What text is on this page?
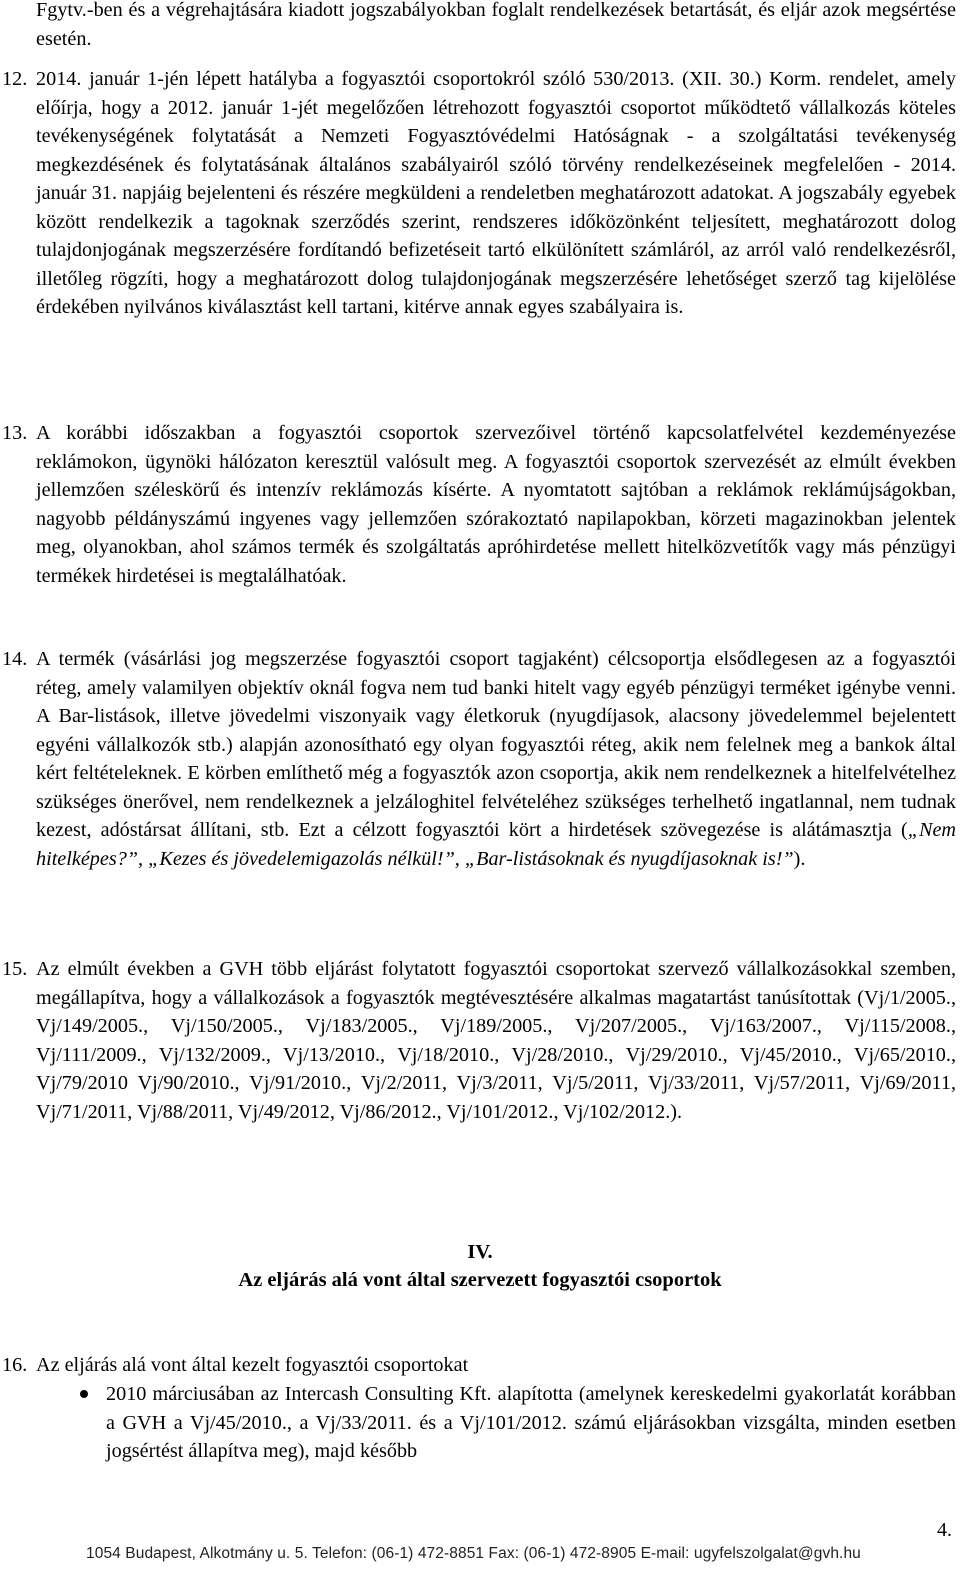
Fgytv.-ben és a végrehajtására kiadott jogszabályokban foglalt rendelkezések betartását, és eljár azok megsértése esetén.

12. 2014. január 1-jén lépett hatályba a fogyasztói csoportokról szóló 530/2013. (XII. 30.) Korm. rendelet, amely előírja, hogy a 2012. január 1-jét megelőzően létrehozott fogyasztói csoportot működtető vállalkozás köteles tevékenységének folytatását a Nemzeti Fogyasztóvédelmi Hatóságnak - a szolgáltatási tevékenység megkezdésének és folytatásának általános szabályairól szóló törvény rendelkezéseinek megfelelően - 2014. január 31. napjáig bejelenteni és részére megküldeni a rendeletben meghatározott adatokat. A jogszabály egyebek között rendelkezik a tagoknak szerződés szerint, rendszeres időközönként teljesített, meghatározott dolog tulajdonjogának megszerzésére fordítandó befizetéseit tartó elkülönített számláról, az arról való rendelkezésről, illetőleg rögzíti, hogy a meghatározott dolog tulajdonjogának megszerzésére lehetőséget szerző tag kijelölése érdekében nyilvános kiválasztást kell tartani, kitérve annak egyes szabályaira is.
13. A korábbi időszakban a fogyasztói csoportok szervezőivel történő kapcsolatfelvétel kezdeményezése reklámokon, ügynöki hálózaton keresztül valósult meg. A fogyasztói csoportok szervezését az elmúlt években jellemzően széleskörű és intenzív reklámozás kísérte. A nyomtatott sajtóban a reklámok reklámújságokban, nagyobb példányszámú ingyenes vagy jellemzően szórakoztató napilapokban, körzeti magazinokban jelentek meg, olyanokban, ahol számos termék és szolgáltatás apróhirdetése mellett hitelközvetítők vagy más pénzügyi termékek hirdetései is megtalálhatóak.
14. A termék (vásárlási jog megszerzése fogyasztói csoport tagjaként) célcsoportja elsődlegesen az a fogyasztói réteg, amely valamilyen objektív oknál fogva nem tud banki hitelt vagy egyéb pénzügyi terméket igénybe venni. A Bar-listások, illetve jövedelmi viszonyaik vagy életkoruk (nyugdíjasok, alacsony jövedelemmel bejelentett egyéni vállalkozók stb.) alapján azonosítható egy olyan fogyasztói réteg, akik nem felelnek meg a bankok által kért feltételeknek. E körben említhető még a fogyasztók azon csoportja, akik nem rendelkeznek a hitelfelvételhez szükséges önerővel, nem rendelkeznek a jelzáloghitel felvételéhez szükséges terhelhető ingatlannal, nem tudnak kezest, adóstársat állítani, stb. Ezt a célzott fogyasztói kört a hirdetések szövegezése is alátámasztja („Nem hitelképes?”, „Kezes és jövedelemigazolás nélkül!”, „Bar-listásoknak és nyugdíjasoknak is!”).
15. Az elmúlt években a GVH több eljárást folytatott fogyasztói csoportokat szervező vállalkozásokkal szemben, megállapítva, hogy a vállalkozások a fogyasztók megtévesztésére alkalmas magatartást tanúsítottak (Vj/1/2005., Vj/149/2005., Vj/150/2005., Vj/183/2005., Vj/189/2005., Vj/207/2005., Vj/163/2007., Vj/115/2008., Vj/111/2009., Vj/132/2009., Vj/13/2010., Vj/18/2010., Vj/28/2010., Vj/29/2010., Vj/45/2010., Vj/65/2010., Vj/79/2010 Vj/90/2010., Vj/91/2010., Vj/2/2011, Vj/3/2011, Vj/5/2011, Vj/33/2011, Vj/57/2011, Vj/69/2011, Vj/71/2011, Vj/88/2011, Vj/49/2012, Vj/86/2012., Vj/101/2012., Vj/102/2012.).
IV.
Az eljárás alá vont által szervezett fogyasztói csoportok
16. Az eljárás alá vont által kezelt fogyasztói csoportokat
2010 márciusában az Intercash Consulting Kft. alapította (amelynek kereskedelmi gyakorlatát korábban a GVH a Vj/45/2010., a Vj/33/2011. és a Vj/101/2012. számú eljárásokban vizsgálta, minden esetben jogsértést állapítva meg), majd később
4.
1054 Budapest, Alkotmány u. 5. Telefon: (06-1) 472-8851 Fax: (06-1) 472-8905 E-mail: ugyfelszolgalat@gvh.hu
